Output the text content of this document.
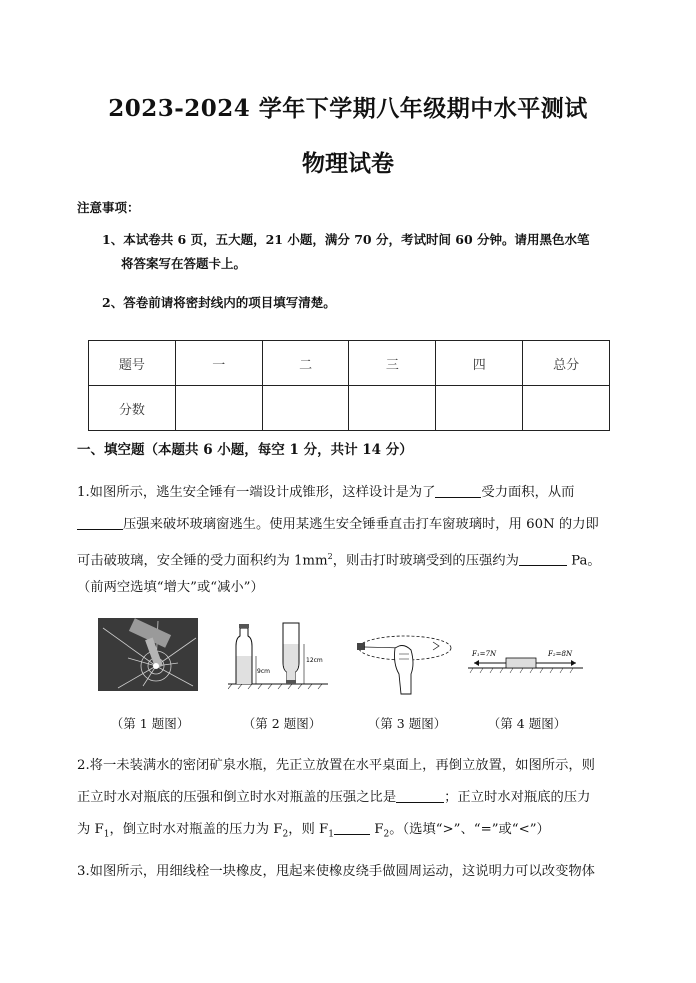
2023-2024 学年下学期八年级期中水平测试
物理试卷
注意事项：
1、本试卷共 6 页，五大题，21 小题，满分 70 分，考试时间 60 分钟。请用黑色水笔
将答案写在答题卡上。
2、答卷前请将密封线内的项目填写清楚。
题号	一	二	三	四	总分
分数					
一、填空题（本题共 6 小题，每空 1 分，共计 14 分）
1.如图所示，逃生安全锤有一端设计成锥形，这样设计是为了	受力面积，从而
压强来破坏玻璃窗逃生。使用某逃生安全锤垂直击打车窗玻璃时，用 60N 的力即
可击破玻璃，安全锤的受力面积约为 $1mm^2$，则击打时玻璃受到的压强约为	Pa。
（前两空选填“增大”或“减小”）
9cm
12cm
F₁=7N	F₂=8N
（第 1 题图）	（第 2 题图）	（第 3 题图）	（第 4 题图）
2.将一未装满水的密闭矿泉水瓶，先正立放置在水平桌面上，再倒立放置，如图所示，则
正立时水对瓶底的压强和倒立时水对瓶盖的压强之比是	；正立时水对瓶底的压力
为 $F_1$，倒立时水对瓶盖的压力为 $F_2$，则 $F_1$	$F_2$。（选填“>”、“=”或“<”）
3.如图所示，用细线栓一块橡皮，甩起来使橡皮绕手做圆周运动，这说明力可以改变物体
